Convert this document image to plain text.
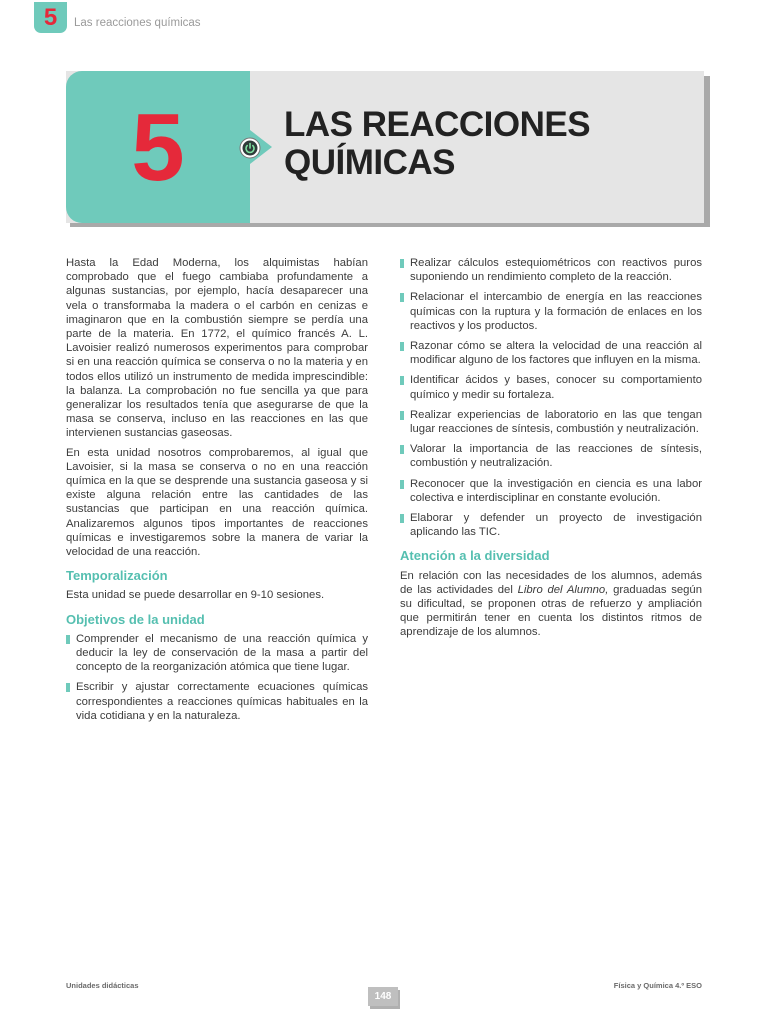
5	Las reacciones químicas
5	LAS REACCIONES
QUÍMICAS

Hasta la Edad Moderna, los alquimistas habían comprobado que el fuego cambiaba profundamente a algunas sustancias, por ejemplo, hacía desaparecer una vela o transformaba la madera o el carbón en cenizas e imaginaron que en la combustión siempre se perdía una parte de la materia. En 1772, el químico francés A. L. Lavoisier realizó numerosos experimentos para comprobar si en una reacción química se conserva o no la materia y en todos ellos utilizó un instrumento de medida imprescindible: la balanza. La comprobación no fue sencilla ya que para generalizar los resultados tenía que asegurarse de que la masa se conserva, incluso en las reacciones en las que intervienen sustancias gaseosas.

En esta unidad nosotros comprobaremos, al igual que Lavoisier, si la masa se conserva o no en una reacción química en la que se desprende una sustancia gaseosa y si existe alguna relación entre las cantidades de las sustancias que participan en una reacción química. Analizaremos algunos tipos importantes de reacciones químicas e investigaremos sobre la manera de variar la velocidad de una reacción.

Temporalización

Esta unidad se puede desarrollar en 9-10 sesiones.

Objetivos de la unidad
Comprender el mecanismo de una reacción química y deducir la ley de conservación de la masa a partir del concepto de la reorganización atómica que tiene lugar.
Escribir y ajustar correctamente ecuaciones químicas correspondientes a reacciones químicas habituales en la vida cotidiana y en la naturaleza.
Realizar cálculos estequiométricos con reactivos puros suponiendo un rendimiento completo de la reacción.
Relacionar el intercambio de energía en las reacciones químicas con la ruptura y la formación de enlaces en los reactivos y los productos.
Razonar cómo se altera la velocidad de una reacción al modificar alguno de los factores que influyen en la misma.
Identificar ácidos y bases, conocer su comportamiento químico y medir su fortaleza.
Realizar experiencias de laboratorio en las que tengan lugar reacciones de síntesis, combustión y neutralización.
Valorar la importancia de las reacciones de síntesis, combustión y neutralización.
Reconocer que la investigación en ciencia es una labor colectiva e interdisciplinar en constante evolución.
Elaborar y defender un proyecto de investigación aplicando las TIC.
Atención a la diversidad

En relación con las necesidades de los alumnos, además de las actividades del Libro del Alumno, graduadas según su dificultad, se proponen otras de refuerzo y ampliación que permitirán tener en cuenta los distintos ritmos de aprendizaje de los alumnos.

Unidades didácticas	Física y Química 4.º ESO
148
